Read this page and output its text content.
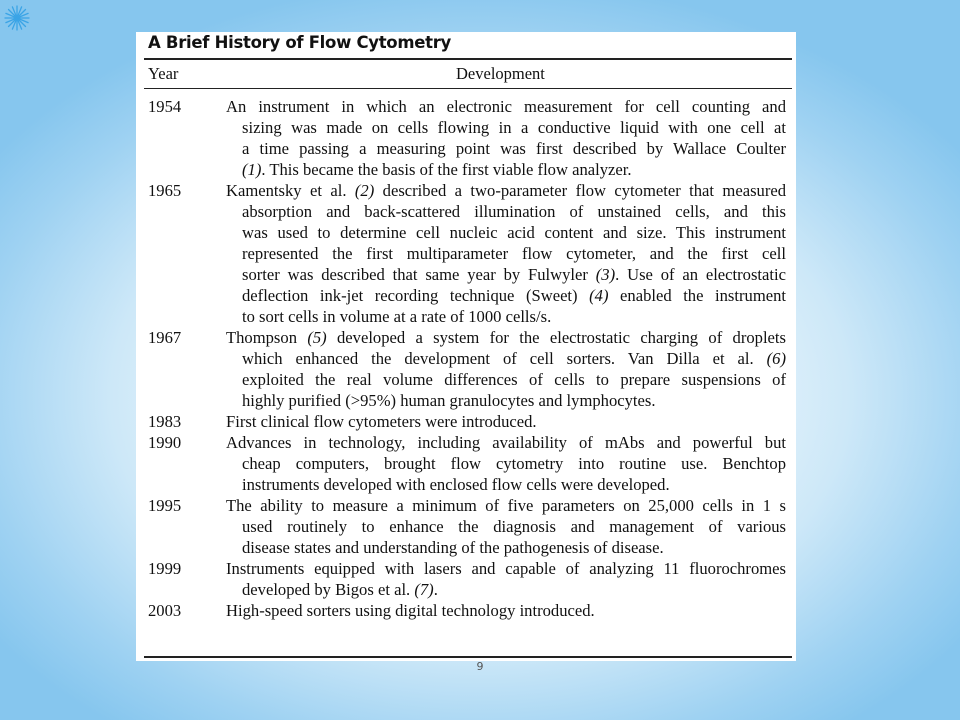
A Brief History of Flow Cytometry
Year	Development
1954	An instrument in which an electronic measurement for cell counting and
sizing was made on cells flowing in a conductive liquid with one cell at
a time passing a measuring point was first described by Wallace Coulter
(1). This became the basis of the first viable flow analyzer.
1965	Kamentsky et al. (2) described a two-parameter flow cytometer that measured
absorption and back-scattered illumination of unstained cells, and this
was used to determine cell nucleic acid content and size. This instrument
represented the first multiparameter flow cytometer, and the first cell
sorter was described that same year by Fulwyler (3). Use of an electrostatic
deflection ink-jet recording technique (Sweet) (4) enabled the instrument
to sort cells in volume at a rate of 1000 cells/s.
1967	Thompson (5) developed a system for the electrostatic charging of droplets
which enhanced the development of cell sorters. Van Dilla et al. (6)
exploited the real volume differences of cells to prepare suspensions of
highly purified (>95%) human granulocytes and lymphocytes.
1983	First clinical flow cytometers were introduced.
1990	Advances in technology, including availability of mAbs and powerful but
cheap computers, brought flow cytometry into routine use. Benchtop
instruments developed with enclosed flow cells were developed.
1995	The ability to measure a minimum of five parameters on 25,000 cells in 1 s
used routinely to enhance the diagnosis and management of various
disease states and understanding of the pathogenesis of disease.
1999	Instruments equipped with lasers and capable of analyzing 11 fluorochromes
developed by Bigos et al. (7).
2003	High-speed sorters using digital technology introduced.
9
